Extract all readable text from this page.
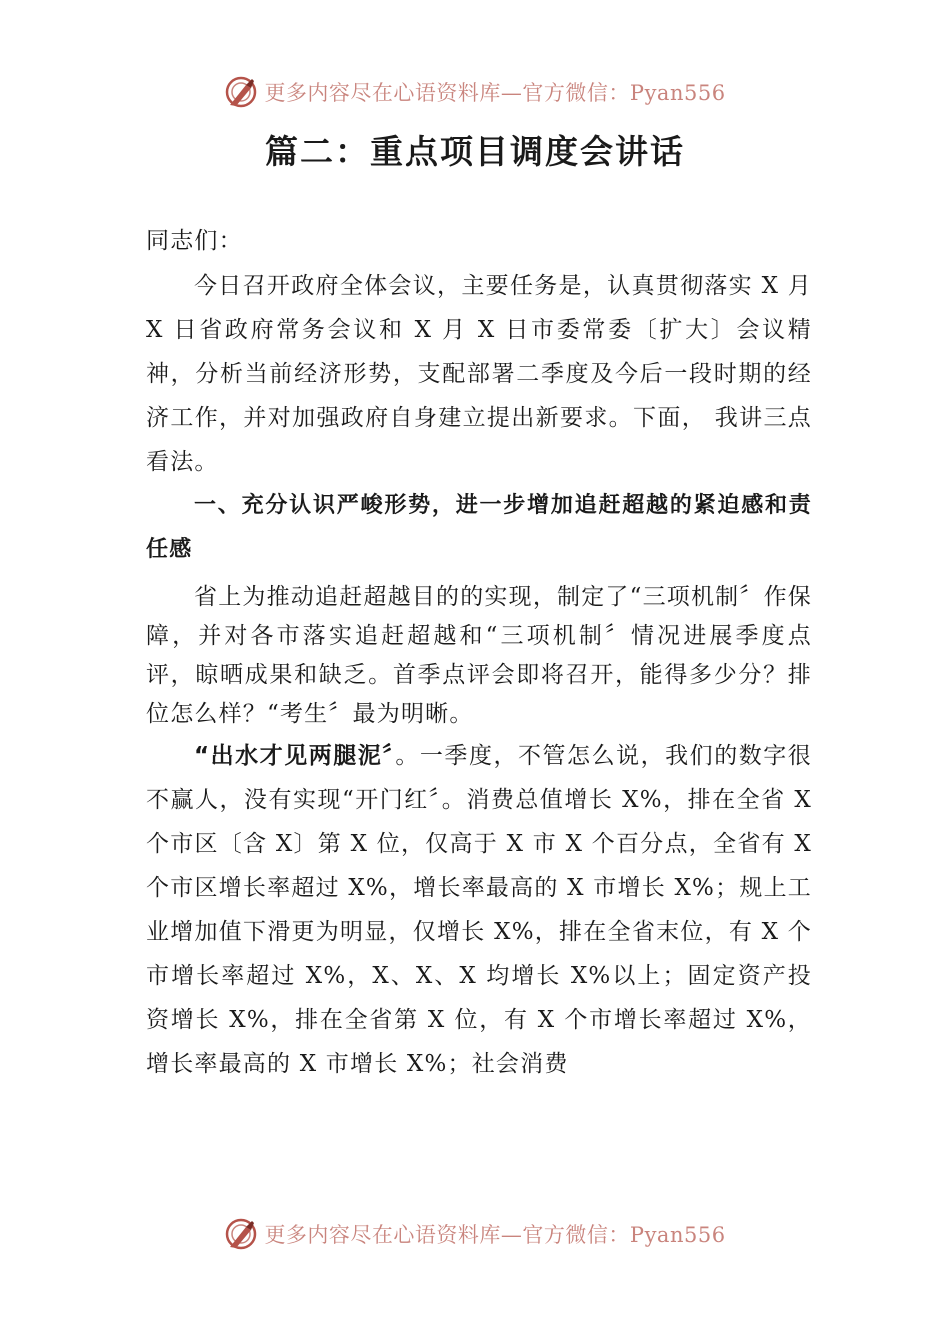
更多内容尽在心语资料库—官方微信：Pyan556
篇二：重点项目调度会讲话

同志们：

今日召开政府全体会议，主要任务是，认真贯彻落实 X 月 X 日省政府常务会议和 X 月 X 日市委常委〔扩大〕会议精神，分析当前经济形势，支配部署二季度及今后一段时期的经济工作，并对加强政府自身建立提出新要求。下面， 我讲三点看法。

一、充分认识严峻形势，进一步增加追赶超越的紧迫感和责任感

省上为推动追赶超越目的的实现，制定了“三项机制〞作保障，并对各市落实追赶超越和“三项机制〞情况进展季度点评，晾晒成果和缺乏。首季点评会即将召开，能得多少分？排位怎么样？“考生〞最为明晰。

“出水才见两腿泥〞。一季度，不管怎么说，我们的数字很不赢人，没有实现“开门红〞。消费总值增长 X%，排在全省 X 个市区〔含 X〕第 X 位，仅高于 X 市 X 个百分点，全省有 X 个市区增长率超过 X%，增长率最高的 X 市增长 X%；规上工业增加值下滑更为明显，仅增长 X%，排在全省末位，有 X 个市增长率超过 X%，X、X、X 均增长 X%以上；固定资产投资增长 X%，排在全省第 X 位，有 X 个市增长率超过 X%，增长率最高的 X 市增长 X%；社会消费

更多内容尽在心语资料库—官方微信：Pyan556
